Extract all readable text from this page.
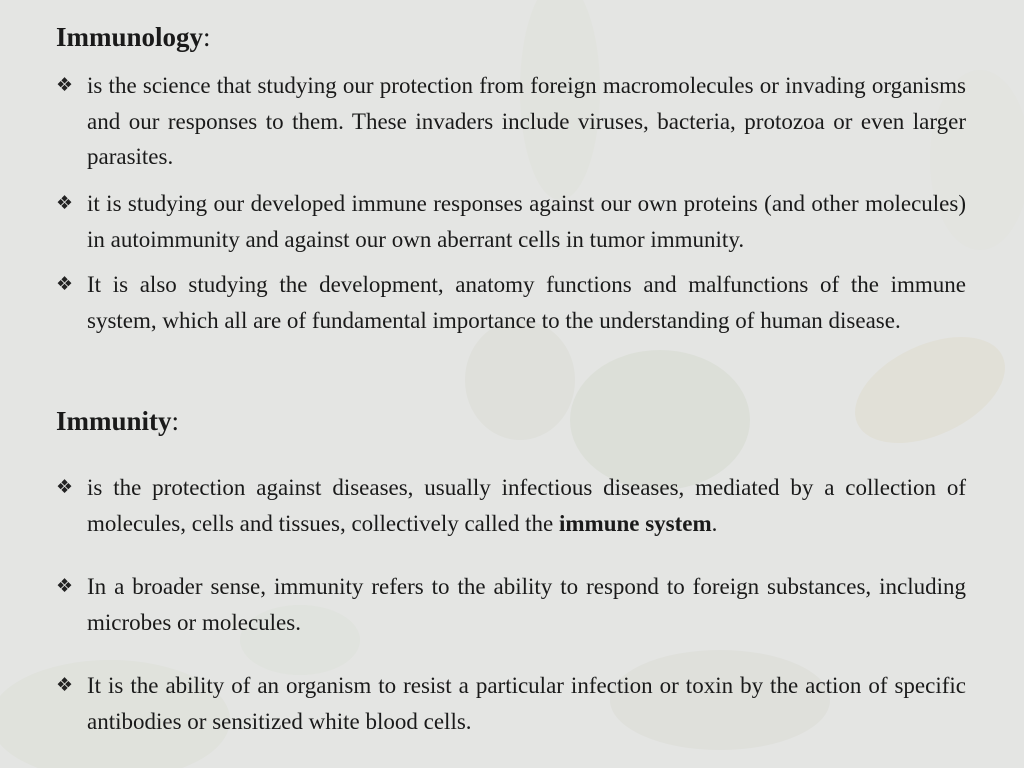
Immunology:
❖ is the science that studying our protection from foreign macromolecules or invading organisms and our responses to them. These invaders include viruses, bacteria, protozoa or even larger parasites.
❖ it is studying our developed immune responses against our own proteins (and other molecules) in autoimmunity and against our own aberrant cells in tumor immunity.
❖ It is also studying the development, anatomy functions and malfunctions of the immune system, which all are of fundamental importance to the understanding of human disease.
Immunity:
❖ is the protection against diseases, usually infectious diseases, mediated by a collection of molecules, cells and tissues, collectively called the immune system.
❖ In a broader sense, immunity refers to the ability to respond to foreign substances, including microbes or molecules.
❖ It is the ability of an organism to resist a particular infection or toxin by the action of specific antibodies or sensitized white blood cells.
